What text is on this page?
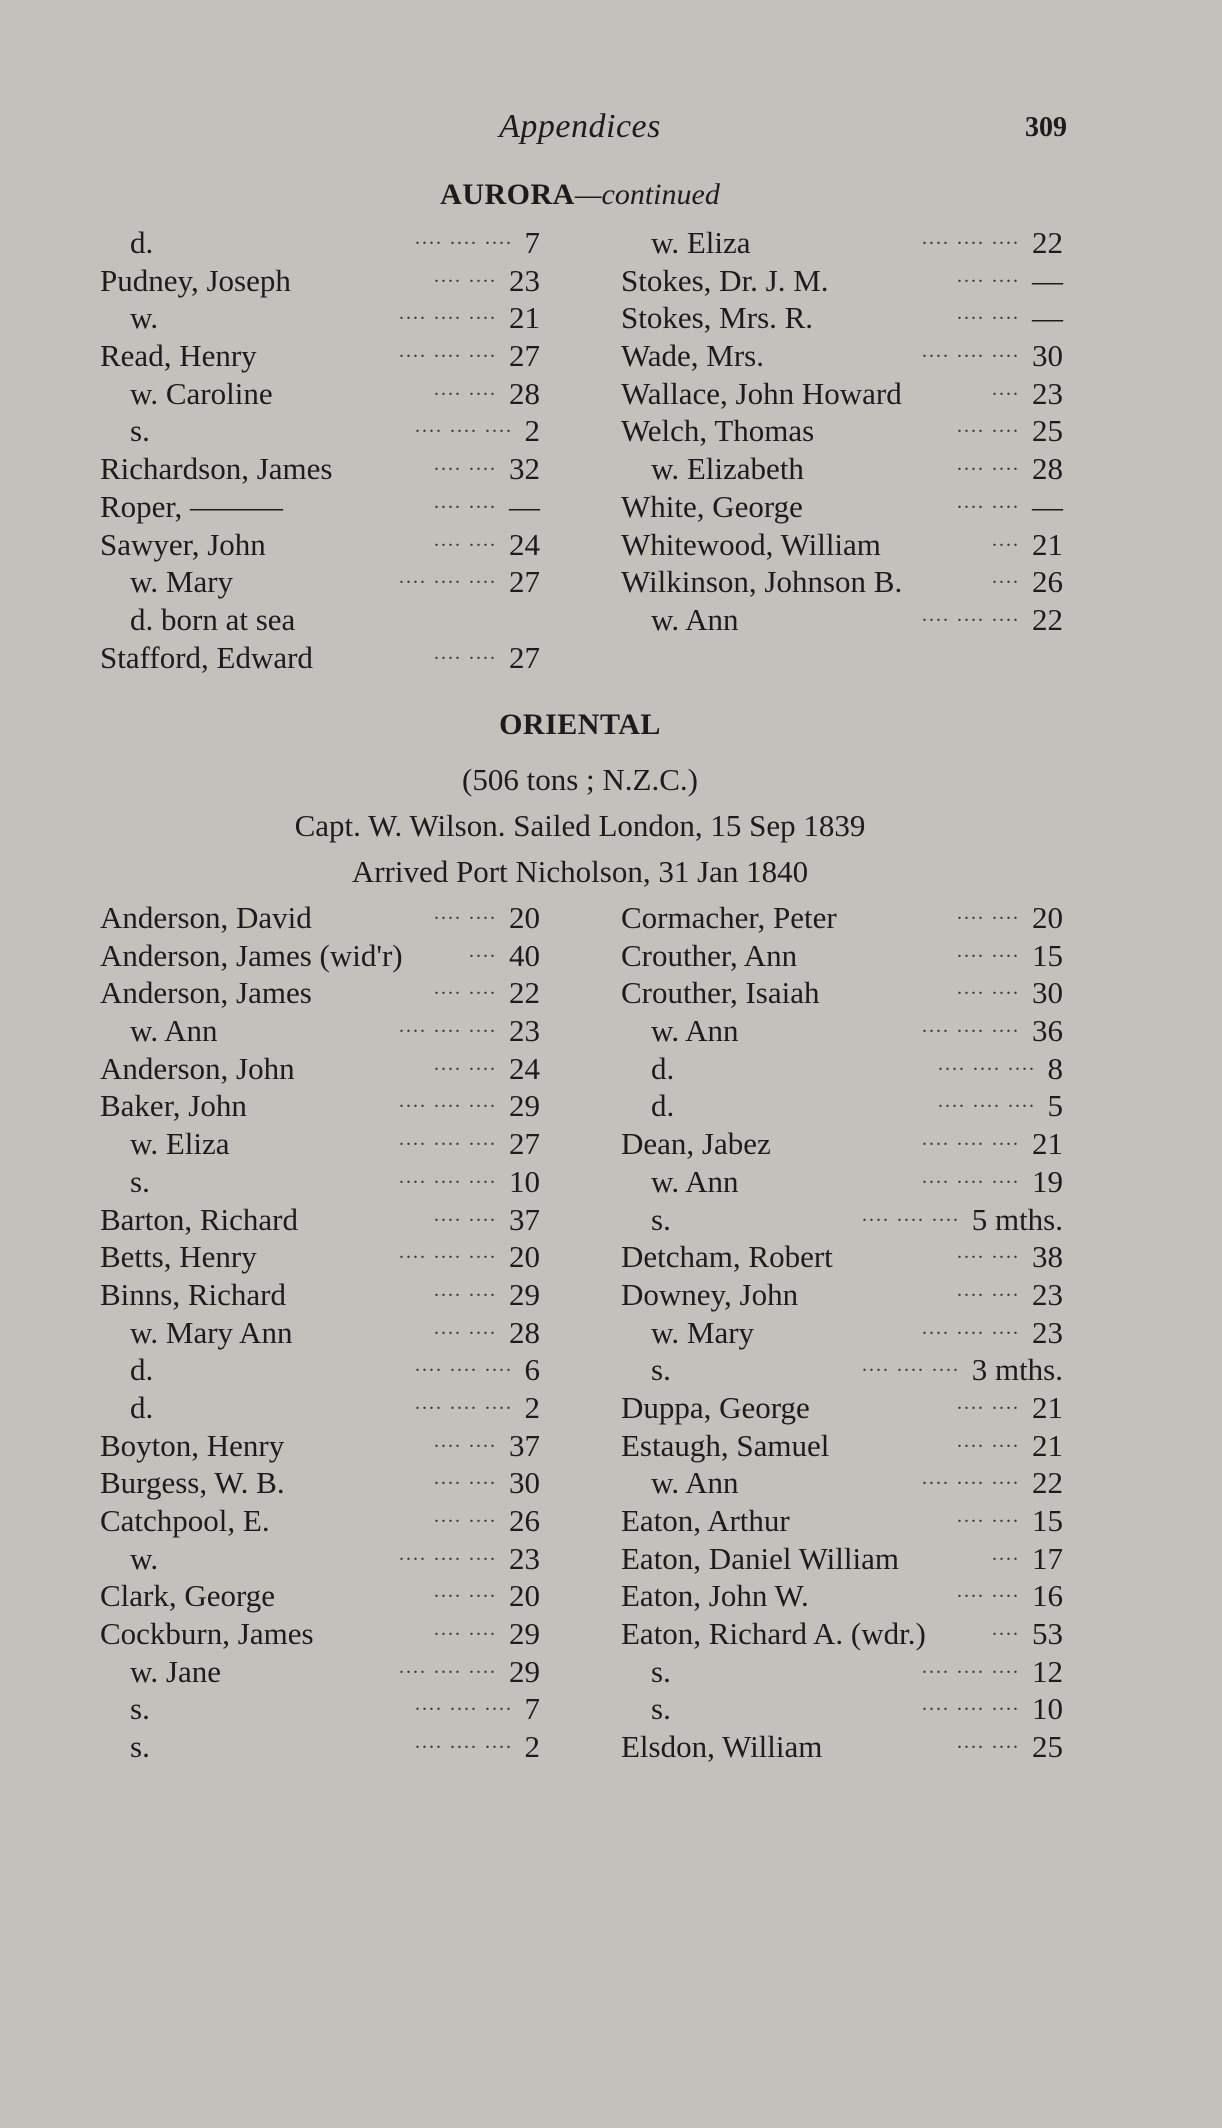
Appendices	309
AURORA—continued
d.	7
.... .... ....
Pudney, Joseph	23
.... ....
w.	21
.... .... ....
Read, Henry	27
.... .... ....
w. Caroline	28
.... ....
s.	2
.... .... ....
Richardson, James	32
.... ....
Roper, ———	—
.... ....
Sawyer, John	24
.... ....
w. Mary	27
.... .... ....
d. born at sea
Stafford, Edward	27
.... ....
w. Eliza	22
.... .... ....
Stokes, Dr. J. M.	—
.... ....
Stokes, Mrs. R.	—
.... ....
Wade, Mrs.	30
.... .... ....
Wallace, John Howard	23
....
Welch, Thomas	25
.... ....
w. Elizabeth	28
.... ....
White, George	—
.... ....
Whitewood, William	21
....
Wilkinson, Johnson B.	26
....
w. Ann	22
.... .... ....
ORIENTAL
(506 tons ; N.Z.C.)
Capt. W. Wilson. Sailed London, 15 Sep 1839
Arrived Port Nicholson, 31 Jan 1840
Anderson, David	20
.... ....
Anderson, James (wid'r)	40
....
Anderson, James	22
.... ....
w. Ann	23
.... .... ....
Anderson, John	24
.... ....
Baker, John	29
.... .... ....
w. Eliza	27
.... .... ....
s.	10
.... .... ....
Barton, Richard	37
.... ....
Betts, Henry	20
.... .... ....
Binns, Richard	29
.... ....
w. Mary Ann	28
.... ....
d.	6
.... .... ....
d.	2
.... .... ....
Boyton, Henry	37
.... ....
Burgess, W. B.	30
.... ....
Catchpool, E.	26
.... ....
w.	23
.... .... ....
Clark, George	20
.... ....
Cockburn, James	29
.... ....
w. Jane	29
.... .... ....
s.	7
.... .... ....
s.	2
.... .... ....
Cormacher, Peter	20
.... ....
Crouther, Ann	15
.... ....
Crouther, Isaiah	30
.... ....
w. Ann	36
.... .... ....
d.	8
.... .... ....
d.	5
.... .... ....
Dean, Jabez	21
.... .... ....
w. Ann	19
.... .... ....
s.	5 mths.
.... .... ....
Detcham, Robert	38
.... ....
Downey, John	23
.... ....
w. Mary	23
.... .... ....
s.	3 mths.
.... .... ....
Duppa, George	21
.... ....
Estaugh, Samuel	21
.... ....
w. Ann	22
.... .... ....
Eaton, Arthur	15
.... ....
Eaton, Daniel William	17
....
Eaton, John W.	16
.... ....
Eaton, Richard A. (wdr.)	53
....
s.	12
.... .... ....
s.	10
.... .... ....
Elsdon, William	25
.... ....
